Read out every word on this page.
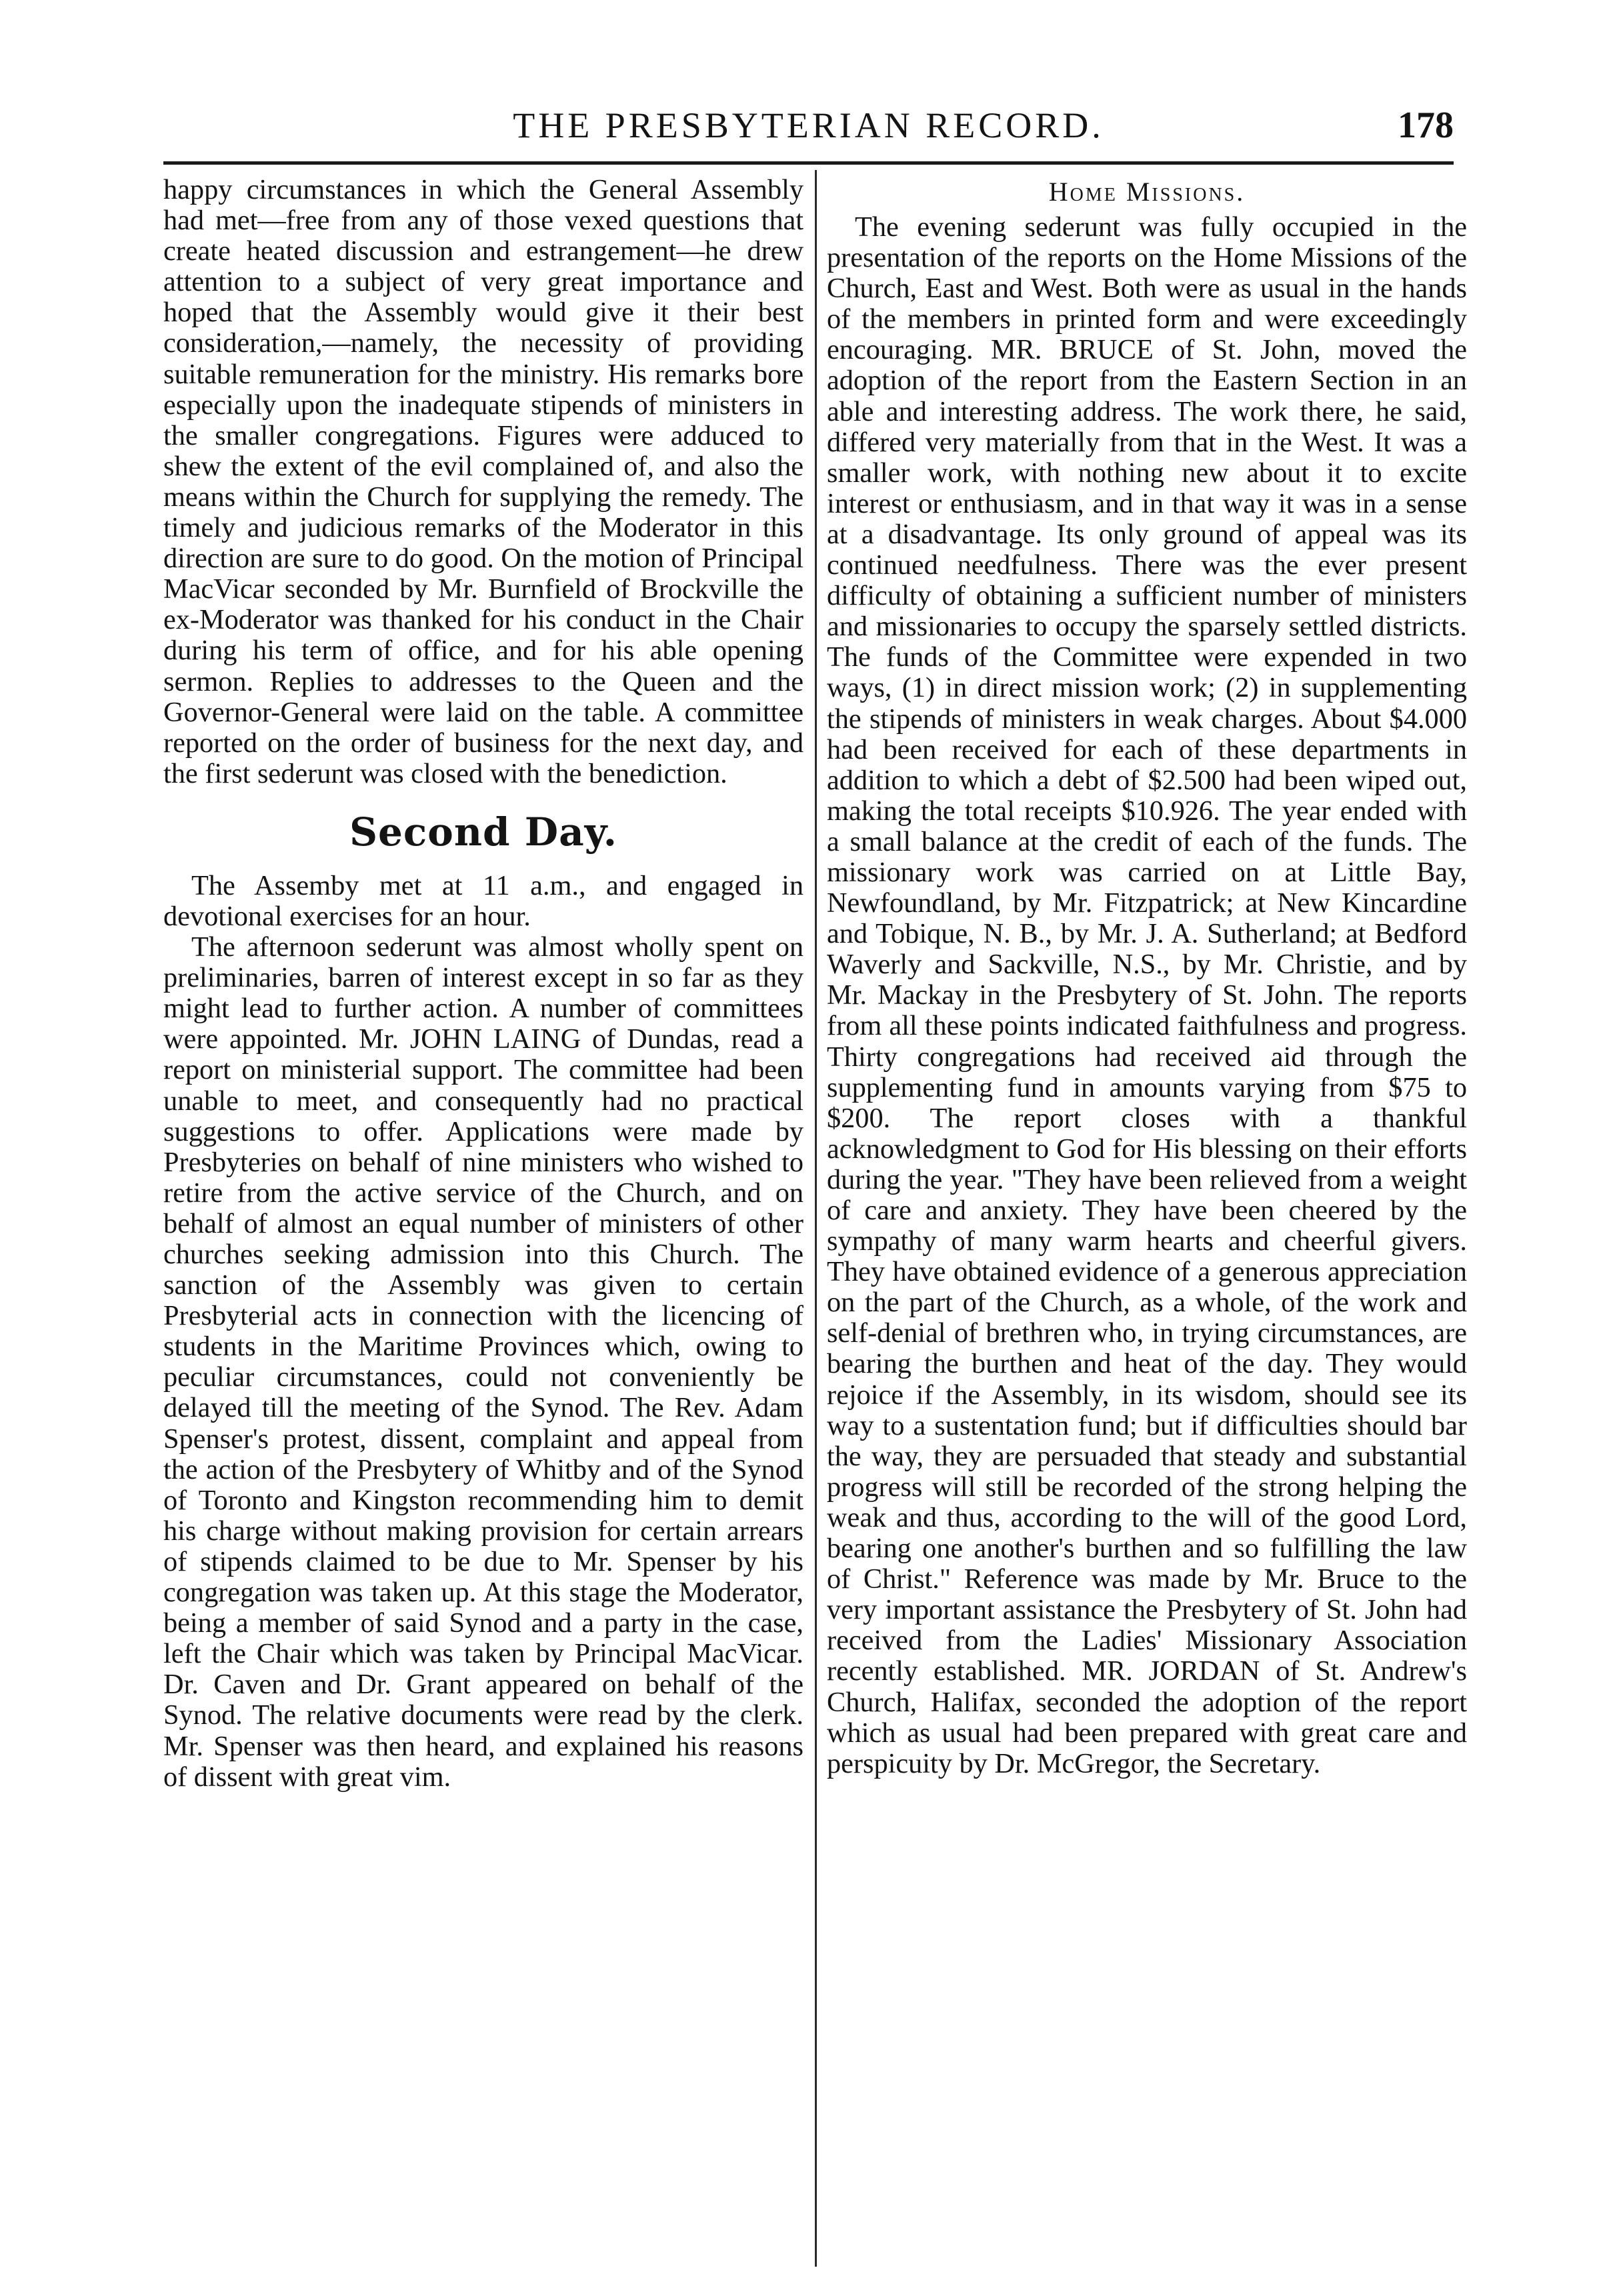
THE PRESBYTERIAN RECORD.	178

happy circumstances in which the General Assembly had met—free from any of those vexed questions that create heated discussion and estrangement—he drew attention to a subject of very great importance and hoped that the Assembly would give it their best consideration,—namely, the necessity of providing suitable remuneration for the ministry. His remarks bore especially upon the inadequate stipends of ministers in the smaller congregations. Figures were adduced to shew the extent of the evil complained of, and also the means within the Church for supplying the remedy. The timely and judicious remarks of the Moderator in this direction are sure to do good. On the motion of Principal MacVicar seconded by Mr. Burnfield of Brockville the ex-Moderator was thanked for his conduct in the Chair during his term of office, and for his able opening sermon. Replies to addresses to the Queen and the Governor-General were laid on the table. A committee reported on the order of business for the next day, and the first sederunt was closed with the benediction.

Second Day.

The Assemby met at 11 a.m., and engaged in devotional exercises for an hour.

The afternoon sederunt was almost wholly spent on preliminaries, barren of interest except in so far as they might lead to further action. A number of committees were appointed. Mr. JOHN LAING of Dundas, read a report on ministerial support. The committee had been unable to meet, and consequently had no practical suggestions to offer. Applications were made by Presbyteries on behalf of nine ministers who wished to retire from the active service of the Church, and on behalf of almost an equal number of ministers of other churches seeking admission into this Church. The sanction of the Assembly was given to certain Presbyterial acts in connection with the licencing of students in the Maritime Provinces which, owing to peculiar circumstances, could not conveniently be delayed till the meeting of the Synod. The Rev. Adam Spenser's protest, dissent, complaint and appeal from the action of the Presbytery of Whitby and of the Synod of Toronto and Kingston recommending him to demit his charge without making provision for certain arrears of stipends claimed to be due to Mr. Spenser by his congregation was taken up. At this stage the Moderator, being a member of said Synod and a party in the case, left the Chair which was taken by Principal MacVicar. Dr. Caven and Dr. Grant appeared on behalf of the Synod. The relative documents were read by the clerk. Mr. Spenser was then heard, and explained his reasons of dissent with great vim.

Home Missions.

The evening sederunt was fully occupied in the presentation of the reports on the Home Missions of the Church, East and West. Both were as usual in the hands of the members in printed form and were exceedingly encouraging. MR. BRUCE of St. John, moved the adoption of the report from the Eastern Section in an able and interesting address. The work there, he said, differed very materially from that in the West. It was a smaller work, with nothing new about it to excite interest or enthusiasm, and in that way it was in a sense at a disadvantage. Its only ground of appeal was its continued needfulness. There was the ever present difficulty of obtaining a sufficient number of ministers and missionaries to occupy the sparsely settled districts. The funds of the Committee were expended in two ways, (1) in direct mission work; (2) in supplementing the stipends of ministers in weak charges. About $4.000 had been received for each of these departments in addition to which a debt of $2.500 had been wiped out, making the total receipts $10.926. The year ended with a small balance at the credit of each of the funds. The missionary work was carried on at Little Bay, Newfoundland, by Mr. Fitzpatrick; at New Kincardine and Tobique, N. B., by Mr. J. A. Sutherland; at Bedford Waverly and Sackville, N.S., by Mr. Christie, and by Mr. Mackay in the Presbytery of St. John. The reports from all these points indicated faithfulness and progress. Thirty congregations had received aid through the supplementing fund in amounts varying from $75 to $200. The report closes with a thankful acknowledgment to God for His blessing on their efforts during the year. "They have been relieved from a weight of care and anxiety. They have been cheered by the sympathy of many warm hearts and cheerful givers. They have obtained evidence of a generous appreciation on the part of the Church, as a whole, of the work and self-denial of brethren who, in trying circumstances, are bearing the burthen and heat of the day. They would rejoice if the Assembly, in its wisdom, should see its way to a sustentation fund; but if difficulties should bar the way, they are persuaded that steady and substantial progress will still be recorded of the strong helping the weak and thus, according to the will of the good Lord, bearing one another's burthen and so fulfilling the law of Christ." Reference was made by Mr. Bruce to the very important assistance the Presbytery of St. John had received from the Ladies' Missionary Association recently established. MR. JORDAN of St. Andrew's Church, Halifax, seconded the adoption of the report which as usual had been prepared with great care and perspicuity by Dr. McGregor, the Secretary.
